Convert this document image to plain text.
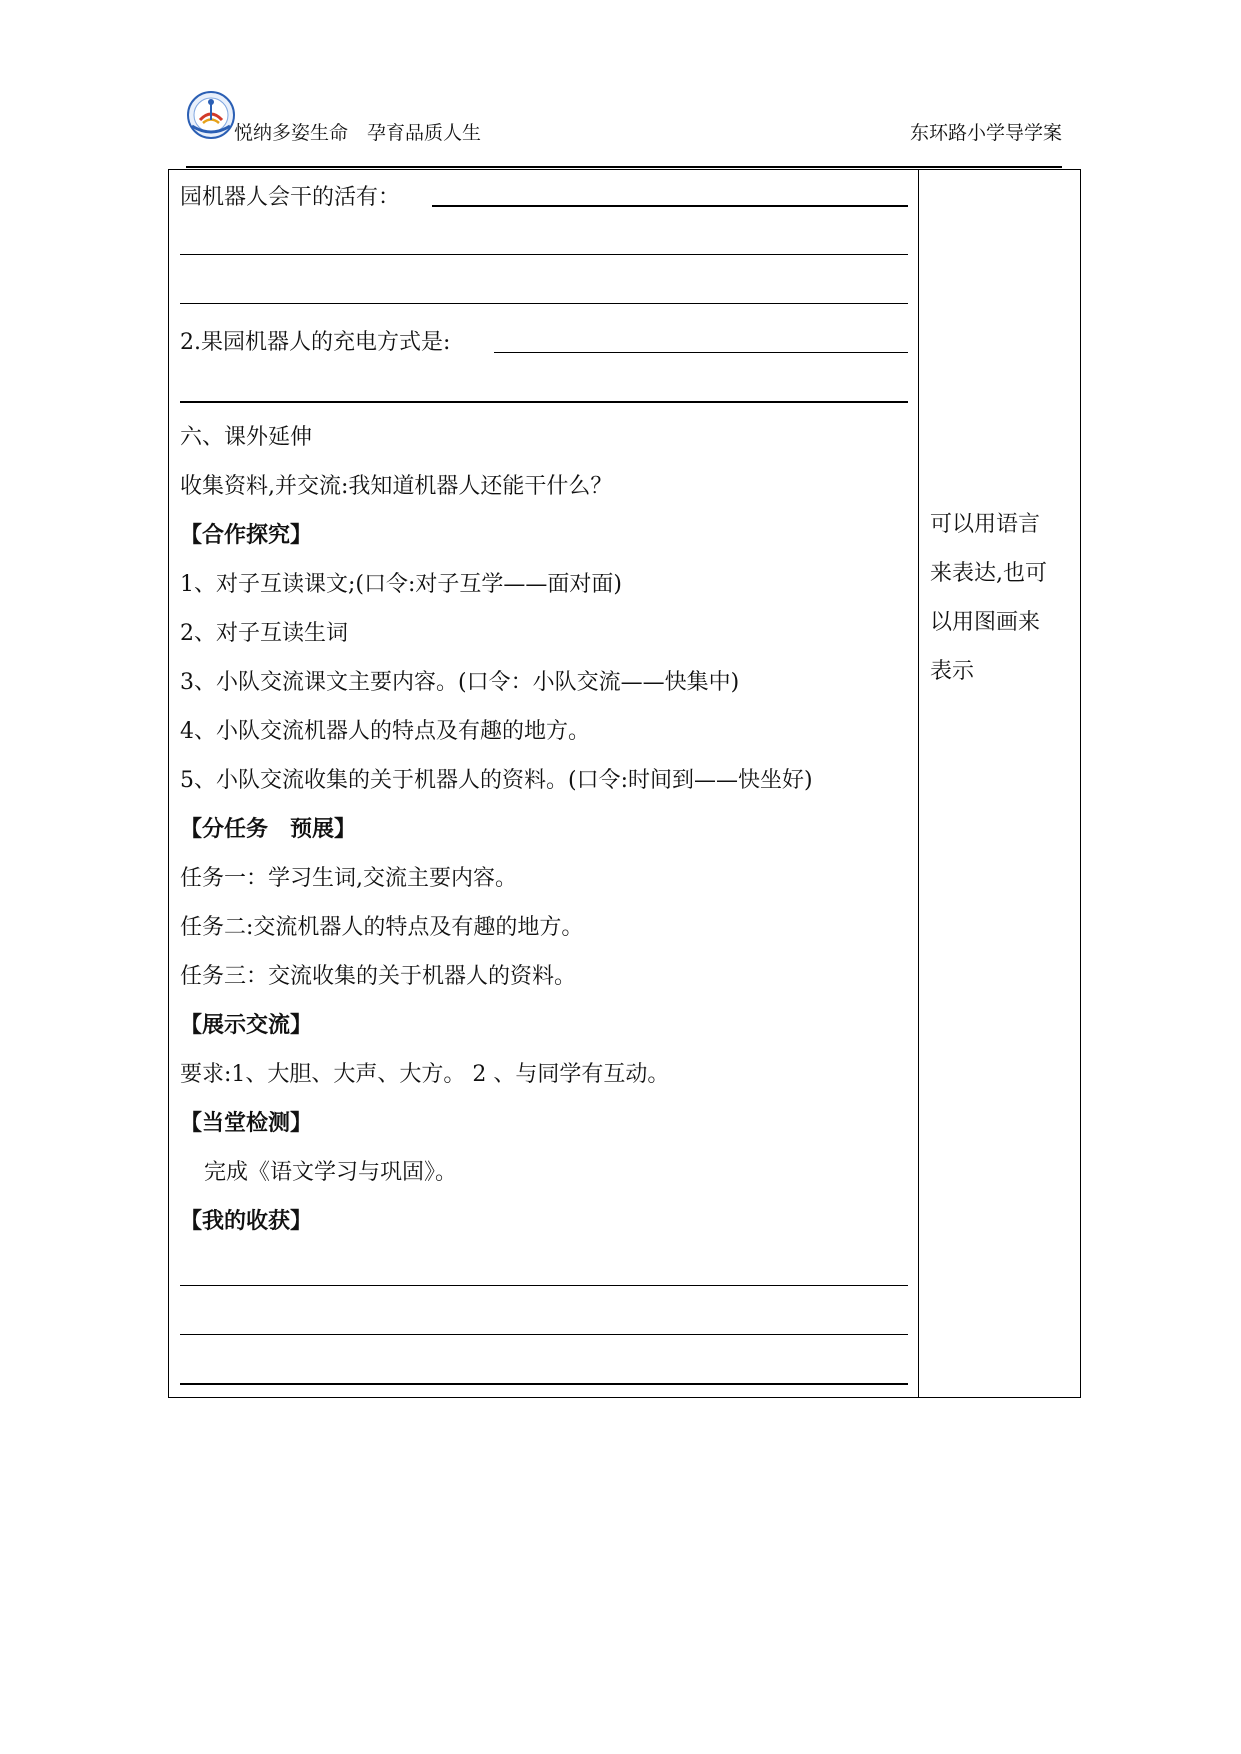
悦纳多姿生命　孕育品质人生	东环路小学导学案
园机器人会干的活有：
2.果园机器人的充电方式是:
六、课外延伸
收集资料,并交流:我知道机器人还能干什么？
【合作探究】
1、对子互读课文;(口令:对子互学——面对面)
2、对子互读生词
3、小队交流课文主要内容。(口令：小队交流——快集中)
4、小队交流机器人的特点及有趣的地方。
5、小队交流收集的关于机器人的资料。(口令:时间到——快坐好)
【分任务　预展】
任务一：学习生词,交流主要内容。
任务二:交流机器人的特点及有趣的地方。
任务三：交流收集的关于机器人的资料。
【展示交流】
要求:1、大胆、大声、大方。 2 、与同学有互动。
【当堂检测】
完成《语文学习与巩固》。
【我的收获】
可以用语言
来表达,也可
以用图画来
表示
